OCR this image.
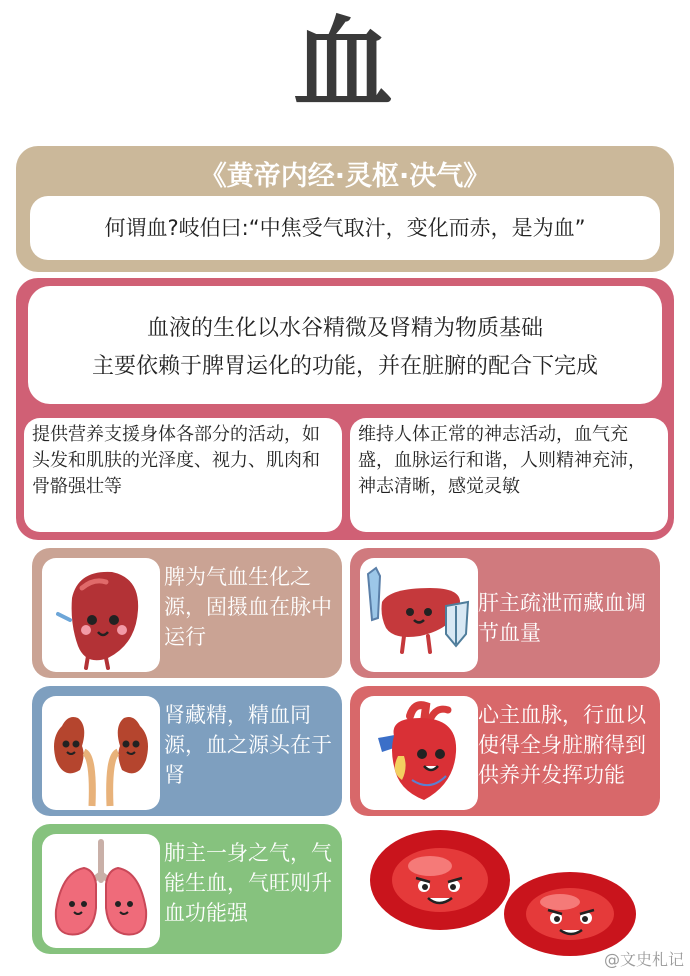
血
《黄帝内经·灵枢·决气》
何谓血?岐伯曰:“中焦受气取汁，变化而赤，是为血”
血液的生化以水谷精微及肾精为物质基础
主要依赖于脾胃运化的功能，并在脏腑的配合下完成
提供营养支援身体各部分的活动，如头发和肌肤的光泽度、视力、肌肉和骨骼强壮等
维持人体正常的神志活动，血气充盛，血脉运行和谐，人则精神充沛，神志清晰，感觉灵敏
脾为气血生化之源，固摄血在脉中运行
肝主疏泄而藏血调节血量
肾藏精，精血同源，血之源头在于肾
心主血脉，行血以使得全身脏腑得到供养并发挥功能
肺主一身之气，气能生血，气旺则升血功能强
@文史札记
